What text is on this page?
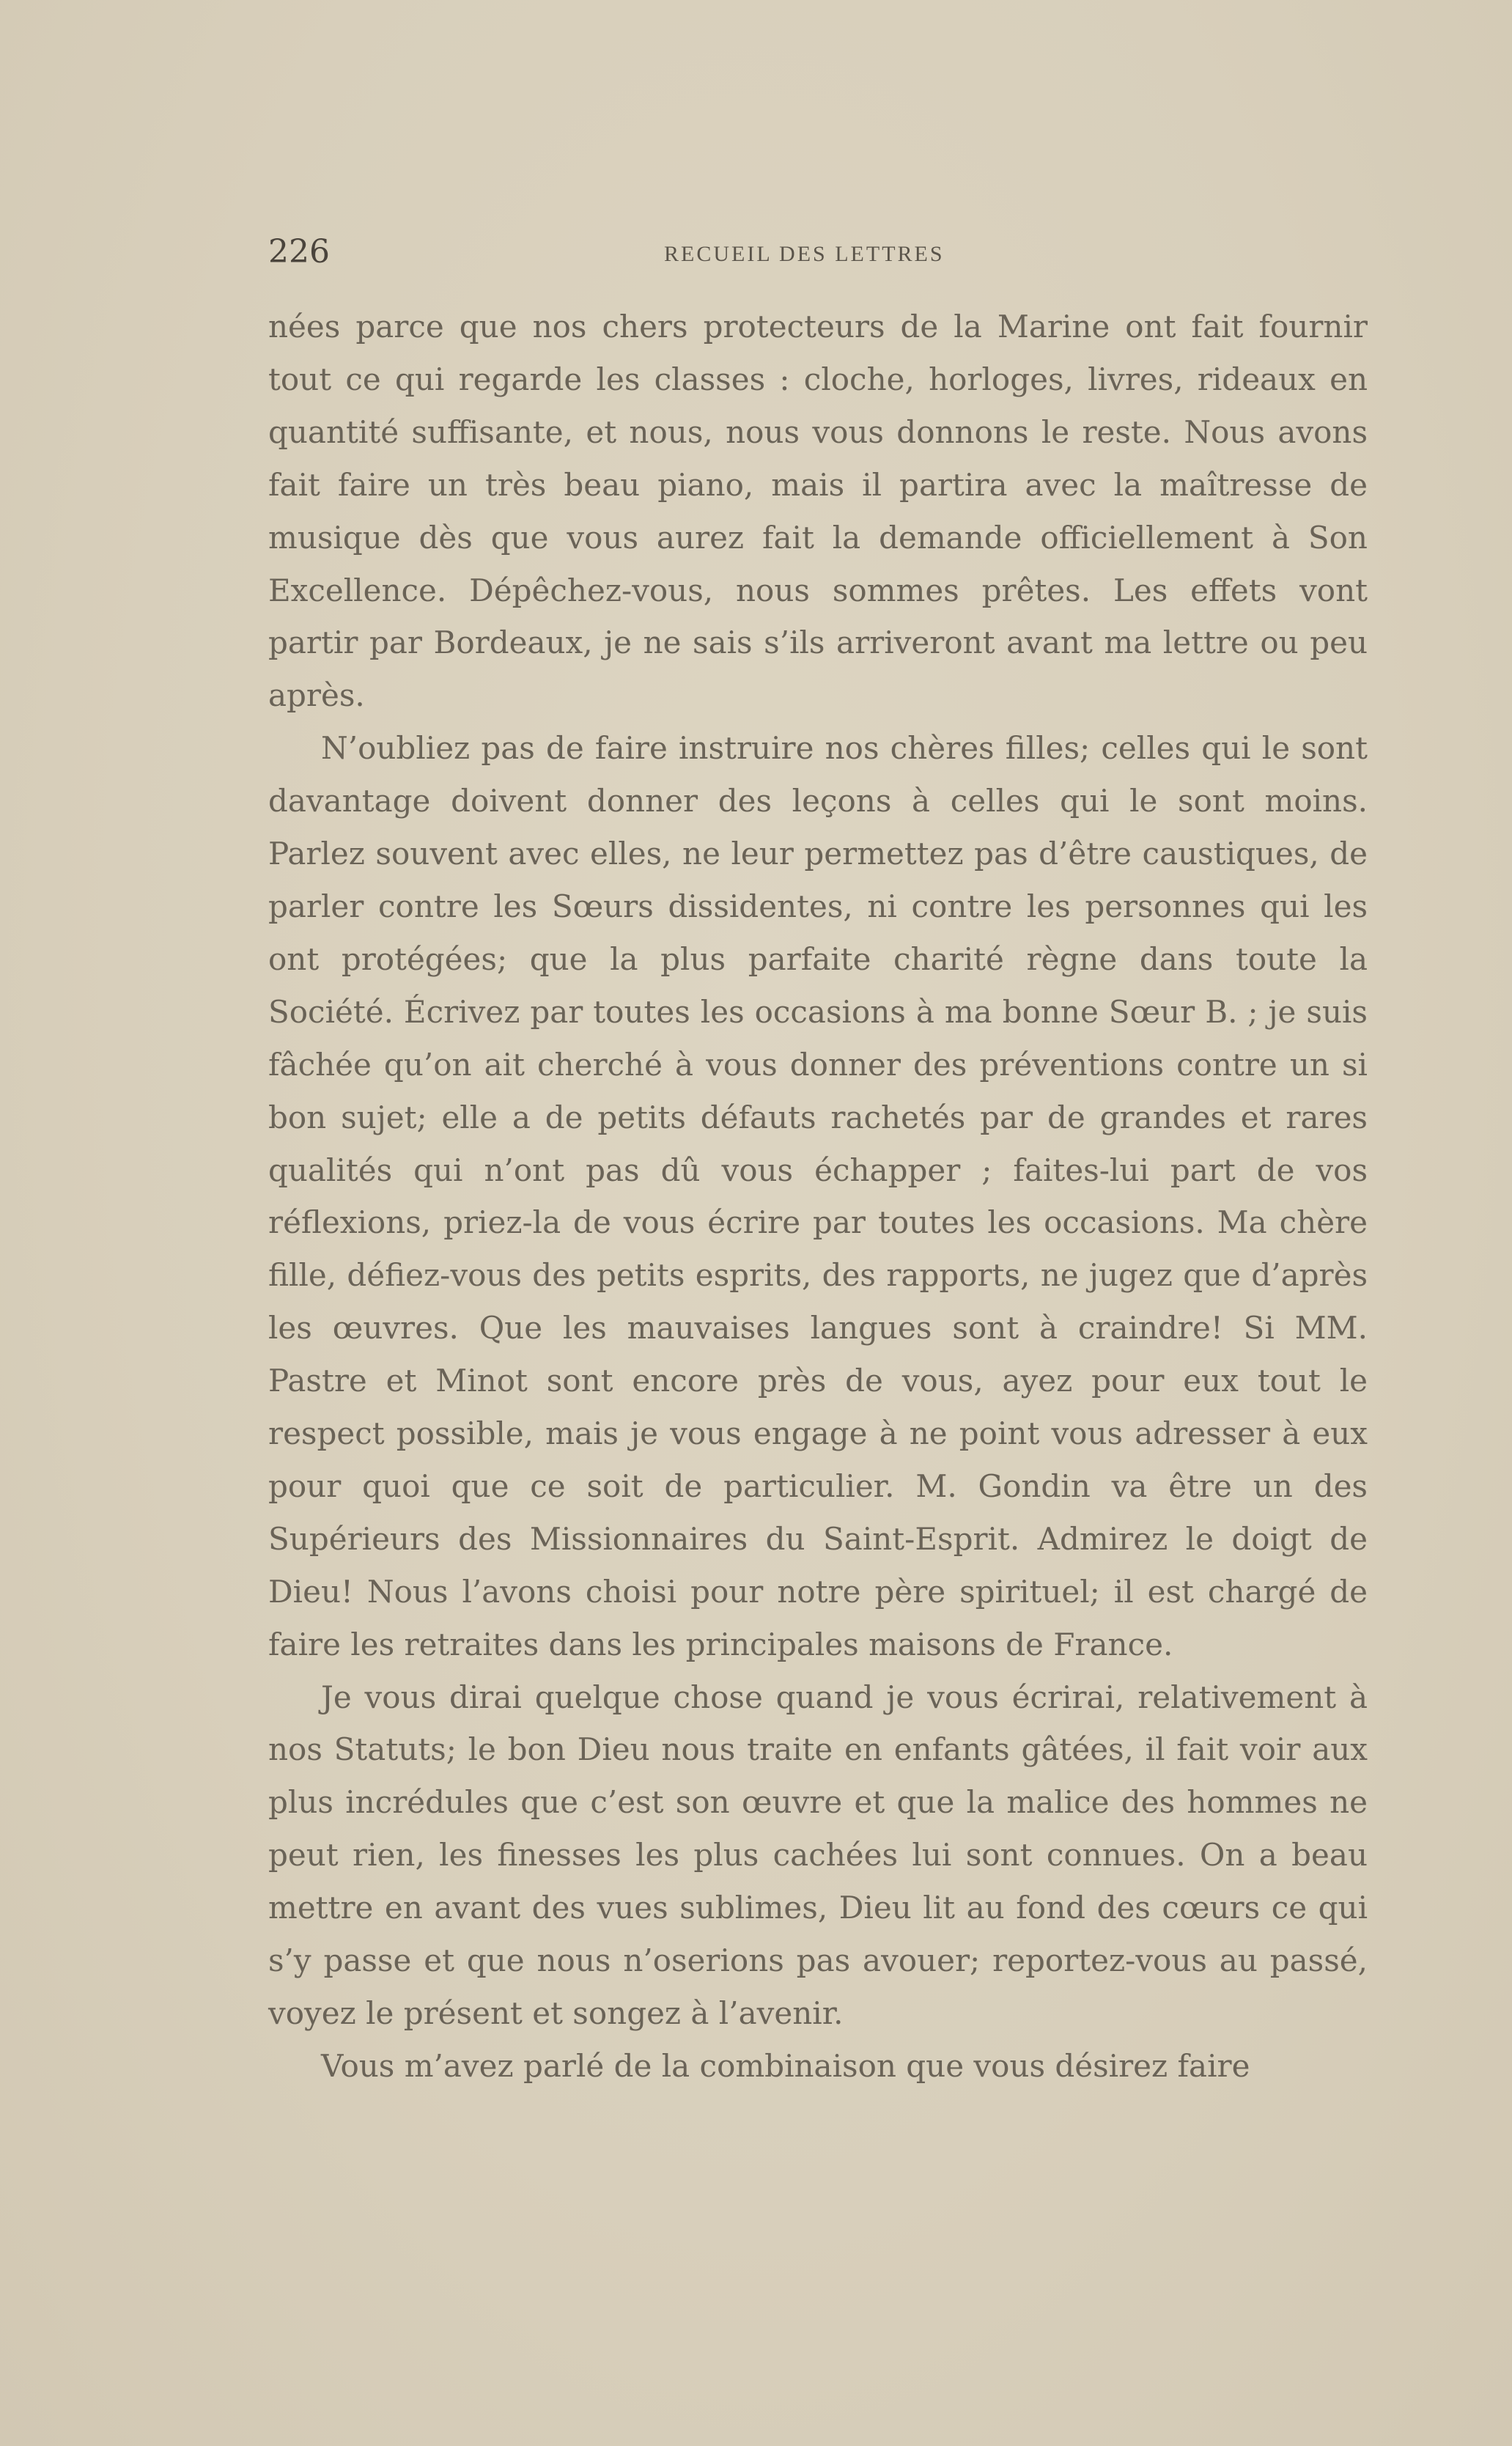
226	RECUEIL DES LETTRES

nées parce que nos chers protecteurs de la Marine ont fait fournir tout ce qui regarde les classes : cloche, horloges, livres, rideaux en quantité suffisante, et nous, nous vous donnons le reste. Nous avons fait faire un très beau piano, mais il partira avec la maîtresse de musique dès que vous aurez fait la demande officiellement à Son Excellence. Dépêchez-vous, nous sommes prêtes. Les effets vont partir par Bordeaux, je ne sais s’ils arriveront avant ma lettre ou peu après.

N’oubliez pas de faire instruire nos chères filles; celles qui le sont davantage doivent donner des leçons à celles qui le sont moins. Parlez souvent avec elles, ne leur permettez pas d’être caustiques, de parler contre les Sœurs dissidentes, ni contre les personnes qui les ont protégées; que la plus parfaite charité règne dans toute la Société. Écrivez par toutes les occasions à ma bonne Sœur B. ; je suis fâchée qu’on ait cherché à vous donner des préventions contre un si bon sujet; elle a de petits défauts rachetés par de grandes et rares qualités qui n’ont pas dû vous échapper ; faites-lui part de vos réflexions, priez-la de vous écrire par toutes les occasions. Ma chère fille, défiez-vous des petits esprits, des rapports, ne jugez que d’après les œuvres. Que les mauvaises langues sont à craindre! Si MM. Pastre et Minot sont encore près de vous, ayez pour eux tout le respect possible, mais je vous engage à ne point vous adresser à eux pour quoi que ce soit de particulier. M. Gondin va être un des Supérieurs des Missionnaires du Saint-Esprit. Admirez le doigt de Dieu! Nous l’avons choisi pour notre père spirituel; il est chargé de faire les retraites dans les principales maisons de France.

Je vous dirai quelque chose quand je vous écrirai, relativement à nos Statuts; le bon Dieu nous traite en enfants gâtées, il fait voir aux plus incrédules que c’est son œuvre et que la malice des hommes ne peut rien, les finesses les plus cachées lui sont connues. On a beau mettre en avant des vues sublimes, Dieu lit au fond des cœurs ce qui s’y passe et que nous n’oserions pas avouer; reportez-vous au passé, voyez le présent et songez à l’avenir.

Vous m’avez parlé de la combinaison que vous désirez faire
